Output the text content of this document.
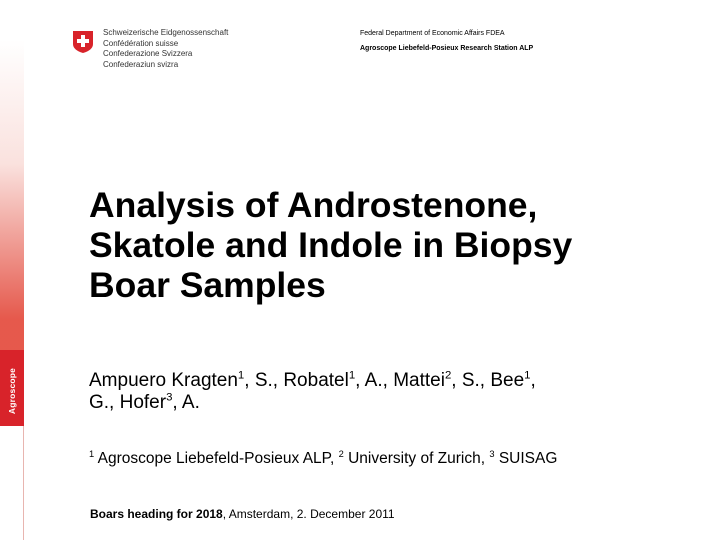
Agroscope
Schweizerische Eidgenossenschaft
Confédération suisse
Confederazione Svizzera
Confederaziun svizra
Federal Department of Economic Affairs FDEA
Agroscope Liebefeld-Posieux Research Station ALP
Analysis of Androstenone,
Skatole and Indole in Biopsy
Boar Samples
Ampuero Kragten$^1$, S., Robatel$^1$, A., Mattei$^2$, S., Bee$^1$,
G., Hofer$^3$, A.
$^1$ Agroscope Liebefeld-Posieux ALP, $^2$ University of Zurich, $^3$ SUISAG
Boars heading for 2018, Amsterdam, 2. December 2011
